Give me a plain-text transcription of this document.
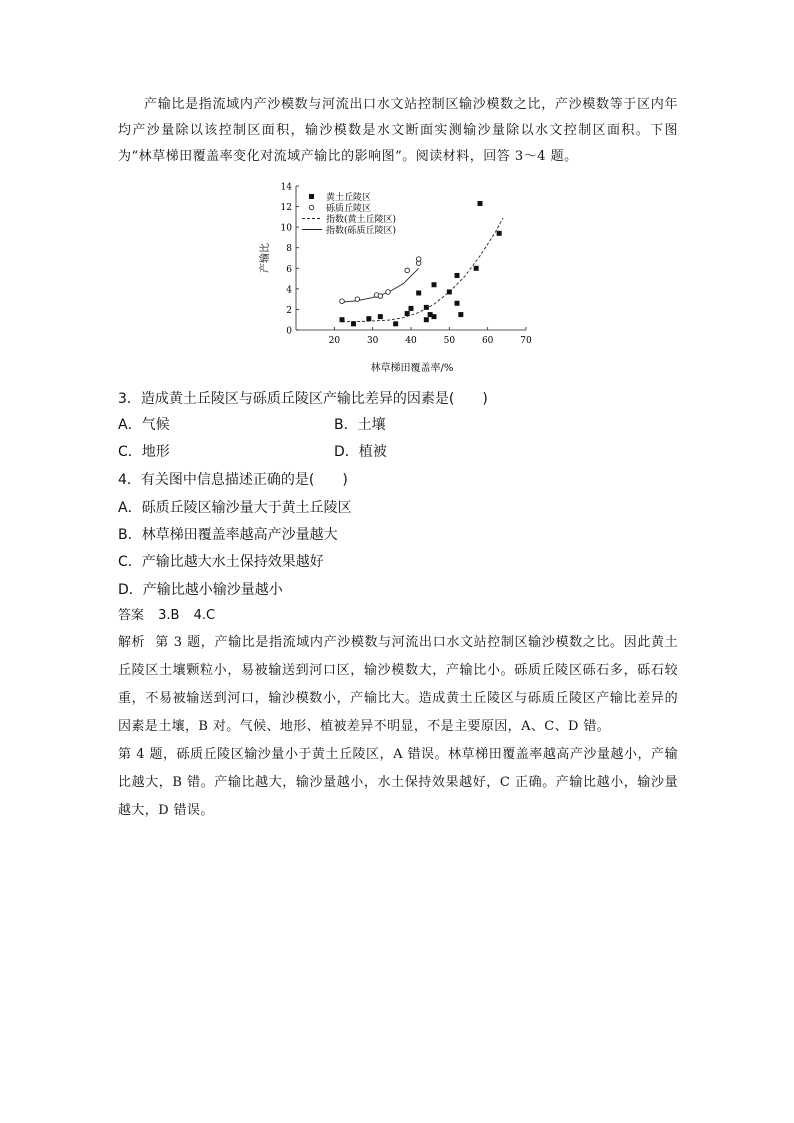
产输比是指流域内产沙模数与河流出口水文站控制区输沙模数之比，产沙模数等于区内年均产沙量除以该控制区面积，输沙模数是水文断面实测输沙量除以水文控制区面积。下图为“林草梯田覆盖率变化对流域产输比的影响图”。阅读材料，回答 3～4 题。

0
2
4
6
8
10
12
14
20	30	40	50	60	70
黄土丘陵区
砾质丘陵区
指数(黄土丘陵区)
指数(砾质丘陵区)
产输比
林草梯田覆盖率/%
3．造成黄土丘陵区与砾质丘陵区产输比差异的因素是(　　)
A．气候	B．土壤
C．地形	D．植被
4．有关图中信息描述正确的是(　　)
A．砾质丘陵区输沙量大于黄土丘陵区
B．林草梯田覆盖率越高产沙量越大
C．产输比越大水土保持效果越好
D．产输比越小输沙量越小
答案 3.B 4.C

解析 第 3 题，产输比是指流域内产沙模数与河流出口水文站控制区输沙模数之比。因此黄土丘陵区土壤颗粒小，易被输送到河口区，输沙模数大，产输比小。砾质丘陵区砾石多，砾石较重，不易被输送到河口，输沙模数小，产输比大。造成黄土丘陵区与砾质丘陵区产输比差异的因素是土壤，B 对。气候、地形、植被差异不明显，不是主要原因，A、C、D 错。

第 4 题，砾质丘陵区输沙量小于黄土丘陵区，A 错误。林草梯田覆盖率越高产沙量越小，产输比越大，B 错。产输比越大，输沙量越小，水土保持效果越好，C 正确。产输比越小，输沙量越大，D 错误。
